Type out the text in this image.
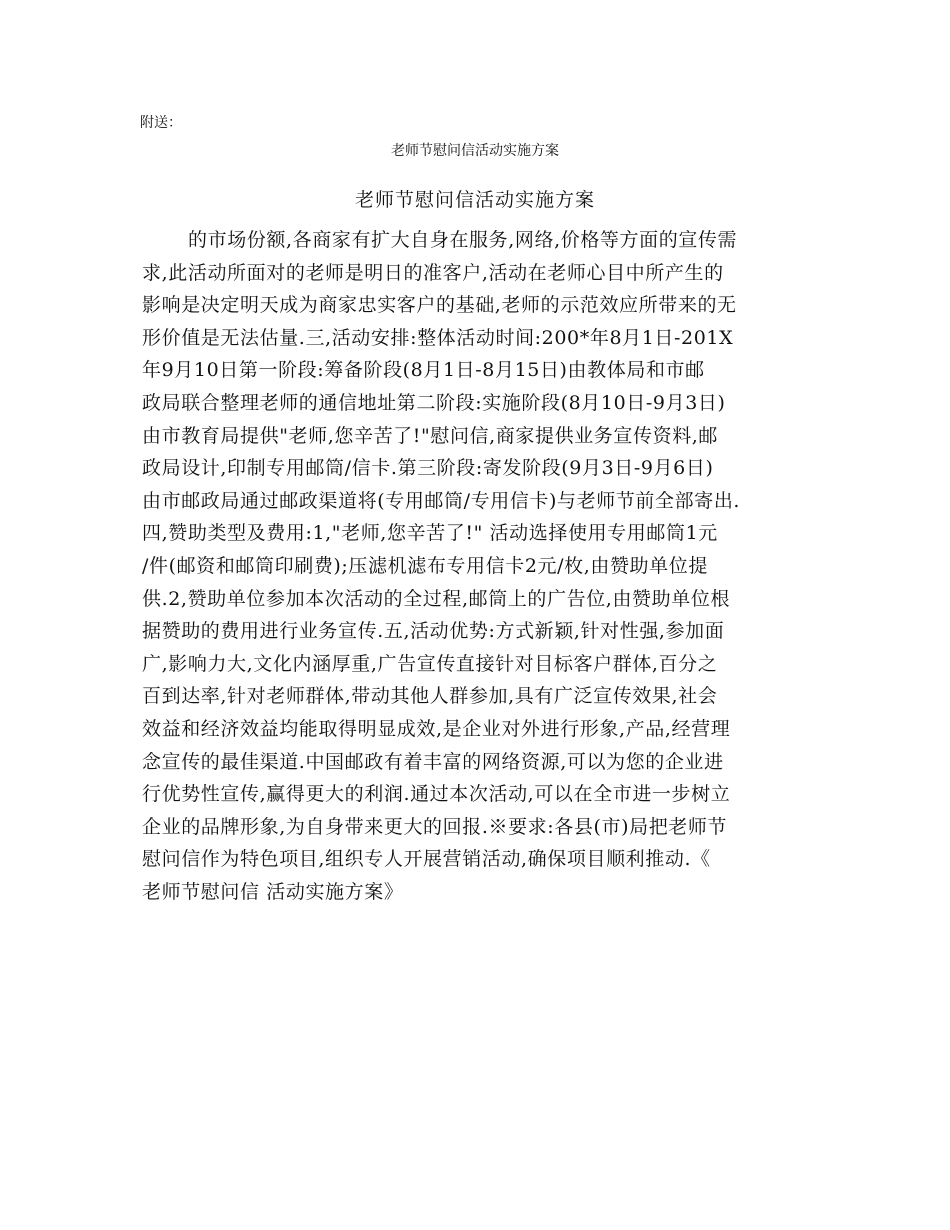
附送：
老师节慰问信活动实施方案
老师节慰问信活动实施方案
的市场份额,各商家有扩大自身在服务,网络,价格等方面的宣传需
求,此活动所面对的老师是明日的准客户,活动在老师心目中所产生的
影响是决定明天成为商家忠实客户的基础,老师的示范效应所带来的无
形价值是无法估量.三,活动安排:整体活动时间:200*年8月1日-201X
年9月10日第一阶段:筹备阶段(8月1日-8月15日)由教体局和市邮
政局联合整理老师的通信地址第二阶段:实施阶段(8月10日-9月3日)
由市教育局提供"老师,您辛苦了!"慰问信,商家提供业务宣传资料,邮
政局设计,印制专用邮筒/信卡.第三阶段:寄发阶段(9月3日-9月6日)
由市邮政局通过邮政渠道将(专用邮筒/专用信卡)与老师节前全部寄出.
四,赞助类型及费用:1,"老师,您辛苦了!" 活动选择使用专用邮筒1元
/件(邮资和邮筒印刷费);压滤机滤布专用信卡2元/枚,由赞助单位提
供.2,赞助单位参加本次活动的全过程,邮筒上的广告位,由赞助单位根
据赞助的费用进行业务宣传.五,活动优势:方式新颖,针对性强,参加面
广,影响力大,文化内涵厚重,广告宣传直接针对目标客户群体,百分之
百到达率,针对老师群体,带动其他人群参加,具有广泛宣传效果,社会
效益和经济效益均能取得明显成效,是企业对外进行形象,产品,经营理
念宣传的最佳渠道.中国邮政有着丰富的网络资源,可以为您的企业进
行优势性宣传,赢得更大的利润.通过本次活动,可以在全市进一步树立
企业的品牌形象,为自身带来更大的回报.※要求:各县(市)局把老师节
慰问信作为特色项目,组织专人开展营销活动,确保项目顺利推动.《
老师节慰问信 活动实施方案》
